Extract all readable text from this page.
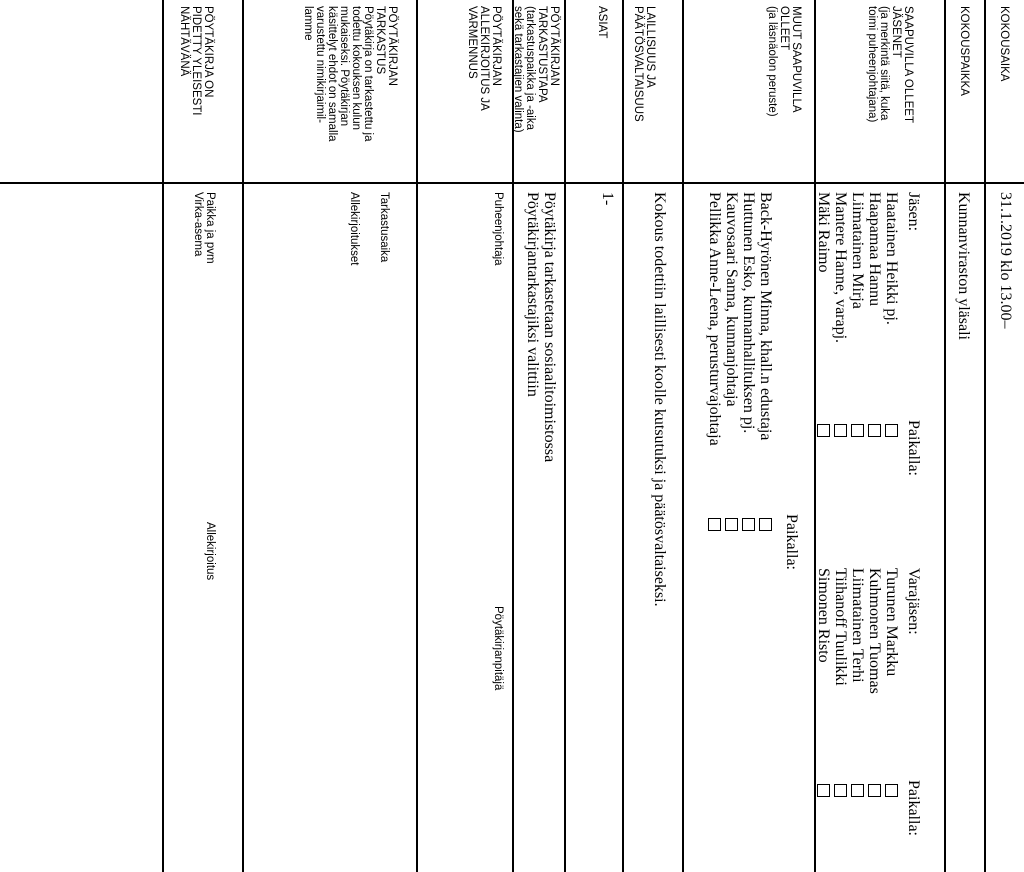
KOKOUSAIKA
31.1.2019 klo 13.00–
KOKOUSPAIKKA
Kunnanviraston yläsali
SAAPUVILLA OLLEET
JÄSENET
(ja merkintä siitä, kuka
toimi puheenjohtajana)
Jäsen:
Paikalla:
Varajäsen:
Paikalla:
Haatainen Heikki pj.
Haapamaa Hannu
Liimatainen Mirja
Mantere Hanne, varapj.
Mäki Raimo
Turunen Markku
Kuhmonen Tuomas
Liimatainen Terhi
Tiihanoff Tuulikki
Simonen Risto
MUUT SAAPUVILLA
OLLEET
(ja läsnäolon peruste)
Paikalla:
Back-Hyrönen Minna, khall.n edustaja
Huttunen Esko, kunnanhallituksen pj.
Kauvosaari Sanna, kunnanjohtaja
Pellikka Anne-Leena, perusturvajohtaja
LAILLISUUS JA
PÄÄTÖSVALTAISUUS
Kokous todettiin laillisesti koolle kutsutuksi ja päätösvaltaiseksi.
ASIAT
1-
PÖYTÄKIRJAN
TARKASTUSTAPA
(tarkastuspaikka ja -aika
sekä tarkastajien valinta)
Pöytäkirja tarkastetaan sosiaalitoimistossa
Pöytäkirjantarkastajiksi valittiin
PÖYTÄKIRJAN
ALLEKIRJOITUS JA
VARMENNUS
Puheenjohtaja
Pöytäkirjanpitäjä
PÖYTÄKIRJAN
TARKASTUS
Pöytäkirja on tarkastettu ja
todettu kokouksen kulun
mukaiseksi. Pöytäkirjan
käsittelyt ehdot on samalla
varustettu nimikirjaimil-
lamme
Tarkastusaika
Allekirjoitukset
PÖYTÄKIRJA ON
PIDETTY YLEISESTI
NÄHTÄVÄNÄ
Paikka ja pvm
Virka-asema
Allekirjoitus
